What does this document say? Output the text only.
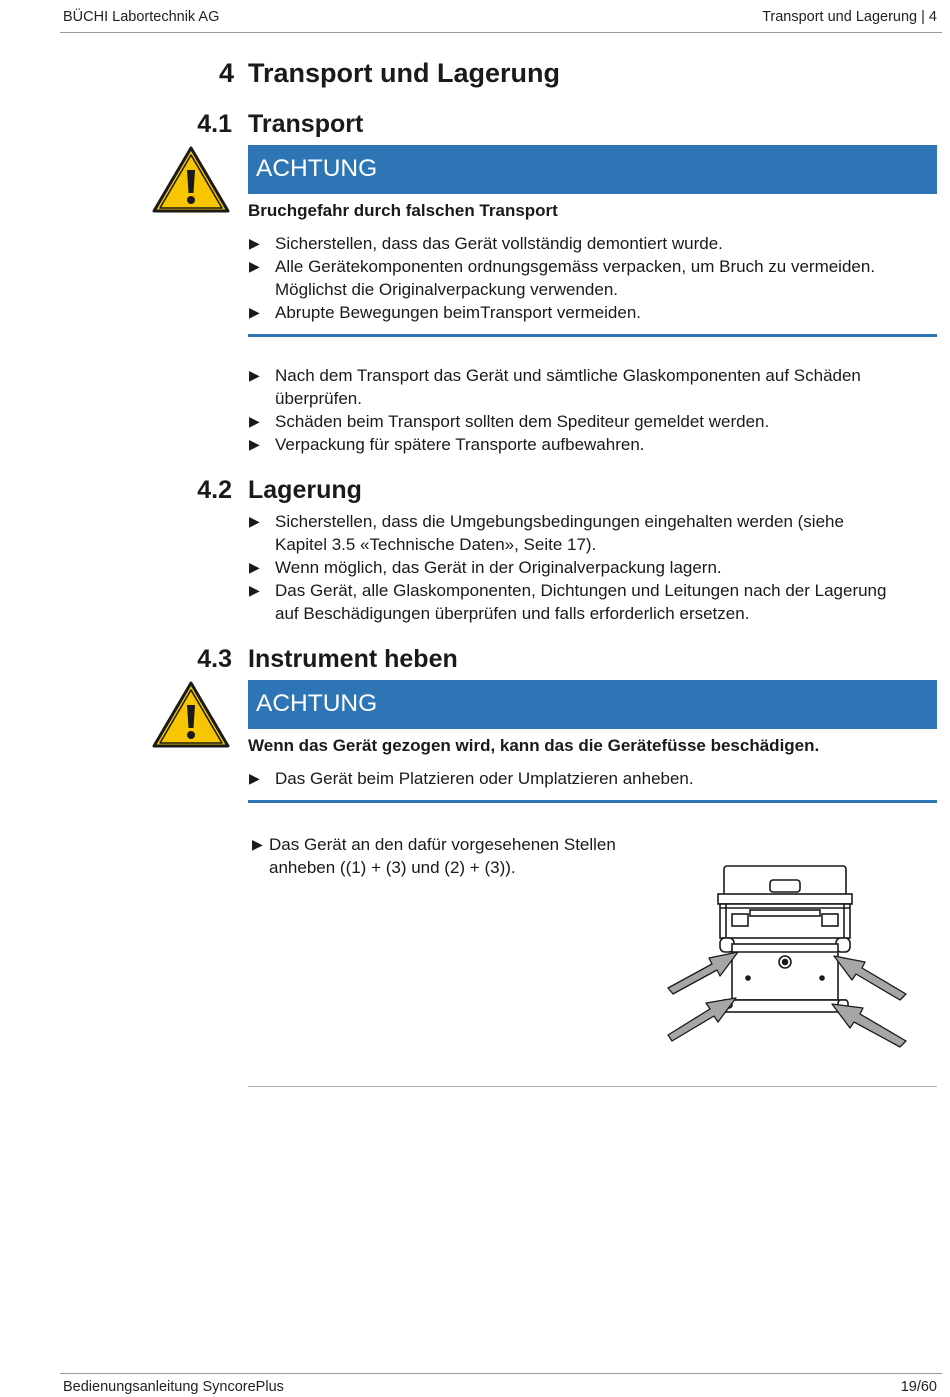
BÜCHI Labortechnik AG	Transport und Lagerung | 4
4 Transport und Lagerung
4.1 Transport
ACHTUNG
Bruchgefahr durch falschen Transport
▶ Sicherstellen, dass das Gerät vollständig demontiert wurde.
▶ Alle Gerätekomponenten ordnungsgemäss verpacken, um Bruch zu vermeiden.
Möglichst die Originalverpackung verwenden.
▶ Abrupte Bewegungen beimTransport vermeiden.
▶ Nach dem Transport das Gerät und sämtliche Glaskomponenten auf Schäden
überprüfen.
▶ Schäden beim Transport sollten dem Spediteur gemeldet werden.
▶ Verpackung für spätere Transporte aufbewahren.
4.2 Lagerung
▶ Sicherstellen, dass die Umgebungsbedingungen eingehalten werden (siehe
Kapitel 3.5 «Technische Daten», Seite 17).
▶ Wenn möglich, das Gerät in der Originalverpackung lagern.
▶ Das Gerät, alle Glaskomponenten, Dichtungen und Leitungen nach der Lagerung
auf Beschädigungen überprüfen und falls erforderlich ersetzen.
4.3 Instrument heben
ACHTUNG
Wenn das Gerät gezogen wird, kann das die Gerätefüsse beschädigen.
▶ Das Gerät beim Platzieren oder Umplatzieren anheben.
▶ Das Gerät an den dafür vorgesehenen Stellen
anheben ((1) + (3) und (2) + (3)).
Bedienungsanleitung SyncorePlus	19/60
